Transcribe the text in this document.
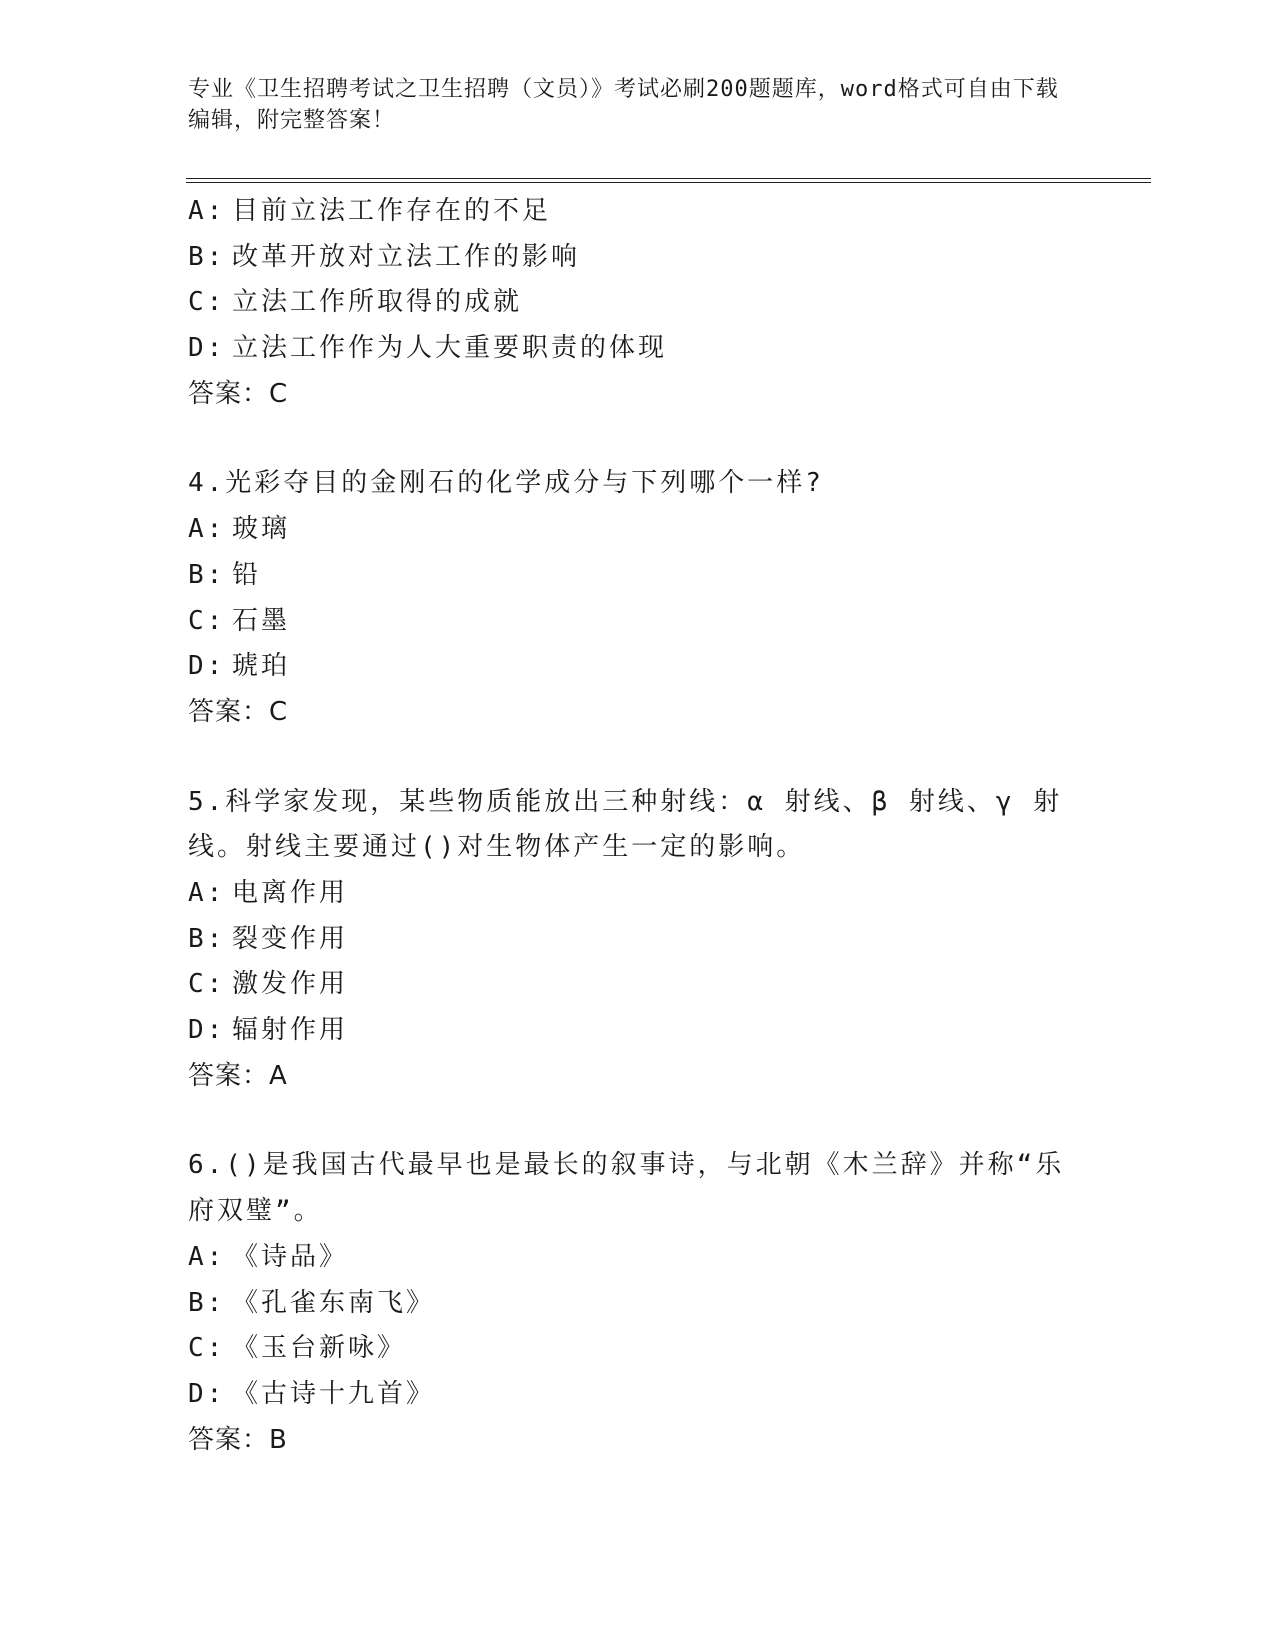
专业《卫生招聘考试之卫生招聘（文员）》考试必刷200题题库，word格式可自由下载编辑，附完整答案！
A: 目前立法工作存在的不足
B: 改革开放对立法工作的影响
C: 立法工作所取得的成就
D: 立法工作作为人大重要职责的体现
答案：C
4.光彩夺目的金刚石的化学成分与下列哪个一样?
A: 玻璃
B: 铅
C: 石墨
D: 琥珀
答案：C
5.科学家发现，某些物质能放出三种射线：α 射线、β 射线、γ 射线。射线主要通过()对生物体产生一定的影响。
A: 电离作用
B: 裂变作用
C: 激发作用
D: 辐射作用
答案：A
6.()是我国古代最早也是最长的叙事诗，与北朝《木兰辞》并称“乐府双璧”。
A: 《诗品》
B: 《孔雀东南飞》
C: 《玉台新咏》
D: 《古诗十九首》
答案：B
